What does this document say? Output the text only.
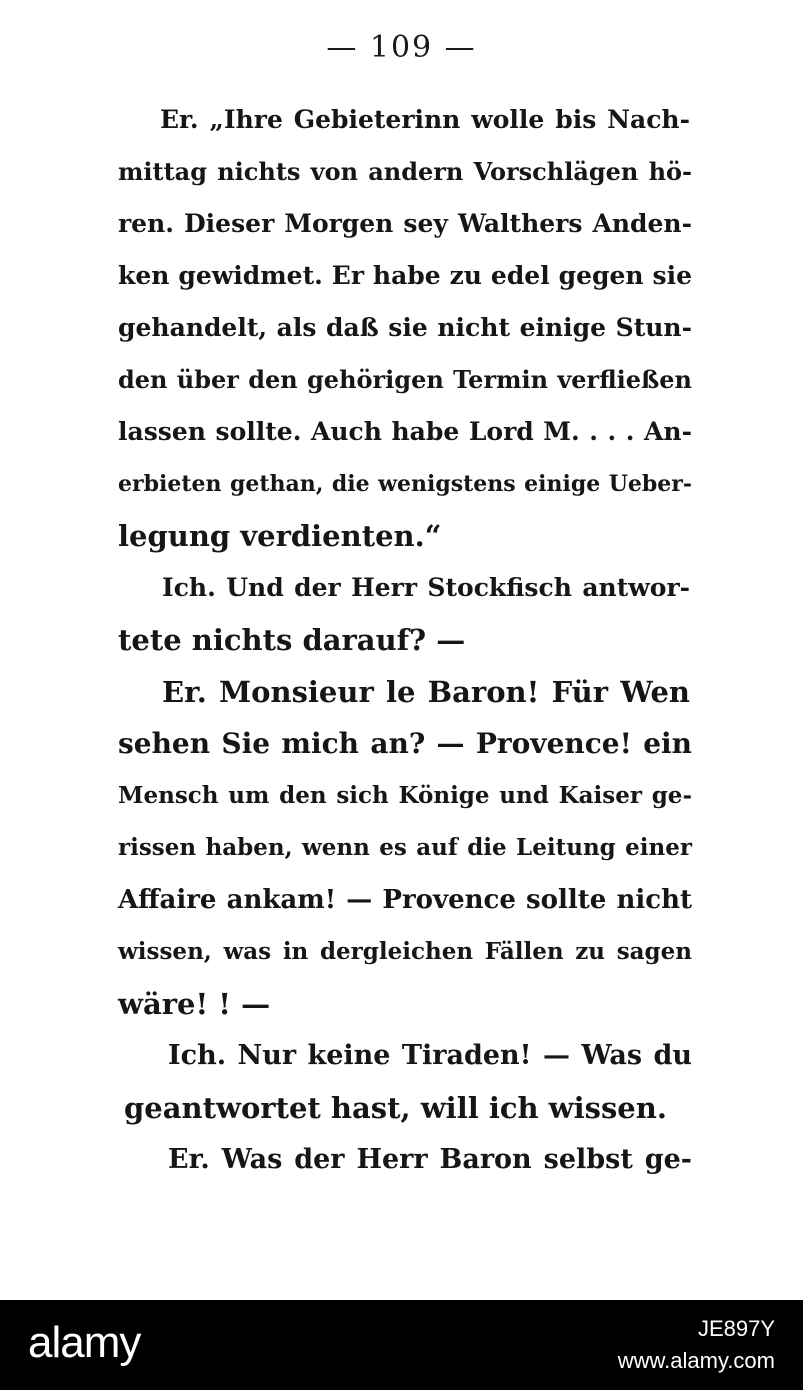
— 109 —
Er. „Ihre Gebieterinn wolle bis Nach-
mittag nichts von andern Vorschlägen hö-
ren. Dieser Morgen sey Walthers Anden-
ken gewidmet. Er habe zu edel gegen sie
gehandelt, als daß sie nicht einige Stun-
den über den gehörigen Termin verfließen
lassen sollte. Auch habe Lord M. . . . An-
erbieten gethan, die wenigstens einige Ueber-
legung verdienten.“
Ich. Und der Herr Stockfisch antwor-
tete nichts darauf? —
Er. Monsieur le Baron! Für Wen
sehen Sie mich an? — Provence! ein
Mensch um den sich Könige und Kaiser ge-
rissen haben, wenn es auf die Leitung einer
Affaire ankam! — Provence sollte nicht
wissen, was in dergleichen Fällen zu sagen
wäre! ! —
Ich. Nur keine Tiraden! — Was du
geantwortet hast, will ich wissen.
Er. Was der Herr Baron selbst ge-
alamy	JE897Y
www.alamy.com
